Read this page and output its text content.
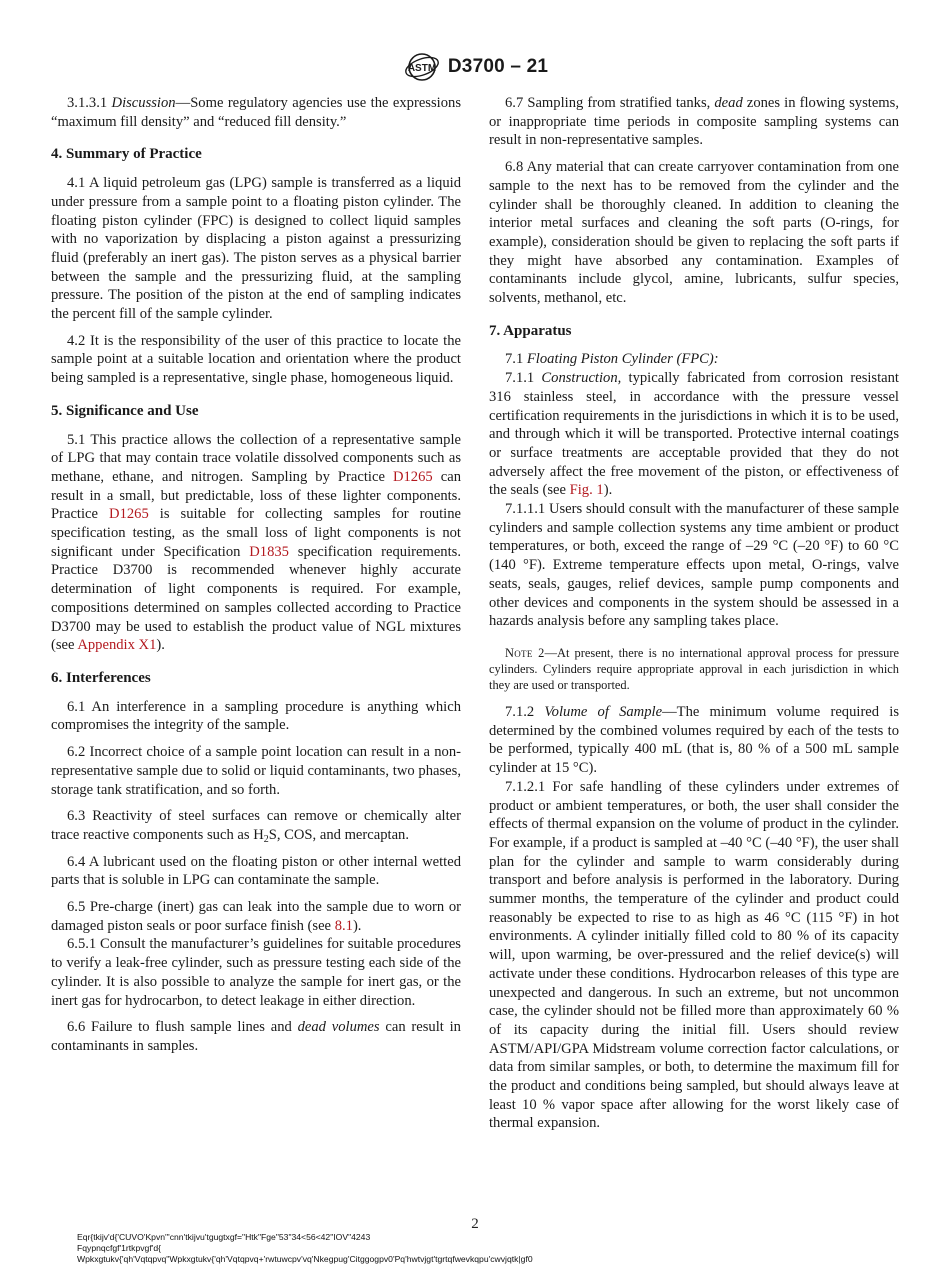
ASTM D3700 – 21

3.1.3.1 Discussion—Some regulatory agencies use the expressions “maximum fill density” and “reduced fill density.”

4. Summary of Practice

4.1 A liquid petroleum gas (LPG) sample is transferred as a liquid under pressure from a sample point to a floating piston cylinder. The floating piston cylinder (FPC) is designed to collect liquid samples with no vaporization by displacing a piston against a pressurizing fluid (preferably an inert gas). The piston serves as a physical barrier between the sample and the pressurizing fluid, at the sampling pressure. The position of the piston at the end of sampling indicates the percent fill of the sample cylinder.

4.2 It is the responsibility of the user of this practice to locate the sample point at a suitable location and orientation where the product being sampled is a representative, single phase, homogeneous liquid.

5. Significance and Use

5.1 This practice allows the collection of a representative sample of LPG that may contain trace volatile dissolved components such as methane, ethane, and nitrogen. Sampling by Practice D1265 can result in a small, but predictable, loss of these lighter components. Practice D1265 is suitable for collecting samples for routine specification testing, as the small loss of light components is not significant under Specification D1835 specification requirements. Practice D3700 is recommended whenever highly accurate determination of light components is required. For example, compositions determined on samples collected according to Practice D3700 may be used to establish the product value of NGL mixtures (see Appendix X1).

6. Interferences

6.1 An interference in a sampling procedure is anything which compromises the integrity of the sample.

6.2 Incorrect choice of a sample point location can result in a non-representative sample due to solid or liquid contaminants, two phases, storage tank stratification, and so forth.

6.3 Reactivity of steel surfaces can remove or chemically alter trace reactive components such as $H_2S$, COS, and mercaptan.

6.4 A lubricant used on the floating piston or other internal wetted parts that is soluble in LPG can contaminate the sample.

6.5 Pre-charge (inert) gas can leak into the sample due to worn or damaged piston seals or poor surface finish (see 8.1).

6.5.1 Consult the manufacturer’s guidelines for suitable procedures to verify a leak-free cylinder, such as pressure testing each side of the cylinder. It is also possible to analyze the sample for inert gas, or the inert gas for hydrocarbon, to detect leakage in either direction.

6.6 Failure to flush sample lines and dead volumes can result in contaminants in samples.

6.7 Sampling from stratified tanks, dead zones in flowing systems, or inappropriate time periods in composite sampling systems can result in non-representative samples.

6.8 Any material that can create carryover contamination from one sample to the next has to be removed from the cylinder and the cylinder shall be thoroughly cleaned. In addition to cleaning the interior metal surfaces and cleaning the soft parts (O-rings, for example), consideration should be given to replacing the soft parts if they might have absorbed any contamination. Examples of contaminants include glycol, amine, lubricants, sulfur species, solvents, methanol, etc.

7. Apparatus

7.1 Floating Piston Cylinder (FPC):

7.1.1 Construction, typically fabricated from corrosion resistant 316 stainless steel, in accordance with the pressure vessel certification requirements in the jurisdictions in which it is to be used, and through which it will be transported. Protective internal coatings or surface treatments are acceptable provided that they do not adversely affect the free movement of the piston, or effectiveness of the seals (see Fig. 1).

7.1.1.1 Users should consult with the manufacturer of these sample cylinders and sample collection systems any time ambient or product temperatures, or both, exceed the range of –29 °C (–20 °F) to 60 °C (140 °F). Extreme temperature effects upon metal, O-rings, valve seats, seals, gauges, relief devices, sample pump components and other devices and components in the system should be assessed in a hazards analysis before any sampling takes place.

Note 2—At present, there is no international approval process for pressure cylinders. Cylinders require appropriate approval in each jurisdiction in which they are used or transported.

7.1.2 Volume of Sample—The minimum volume required is determined by the combined volumes required by each of the tests to be performed, typically 400 mL (that is, 80 % of a 500 mL sample cylinder at 15 °C).

7.1.2.1 For safe handling of these cylinders under extremes of product or ambient temperatures, or both, the user shall consider the effects of thermal expansion on the volume of product in the cylinder. For example, if a product is sampled at –40 °C (–40 °F), the user shall plan for the cylinder and sample to warm considerably during transport and before analysis is performed in the laboratory. During summer months, the temperature of the cylinder and product could reasonably be expected to rise to as high as 46 °C (115 °F) in hot environments. A cylinder initially filled cold to 80 % of its capacity will, upon warming, be over-pressured and the relief device(s) will activate under these conditions. Hydrocarbon releases of this type are unexpected and dangerous. In such an extreme, but not uncommon case, the cylinder should not be filled more than approximately 60 % of its capacity during the initial fill. Users should review ASTM/API/GPA Midstream volume correction factor calculations, or data from similar samples, or both, to determine the maximum fill for the product and conditions being sampled, but should always leave at least 10 % vapor space after allowing for the worst likely case of thermal expansion.

2
Eqr{tkijv'd{'CUVO'Kpvn'"cnn'tkijvu'tgugtxgf="Htk"Fge"53"34<56<42"IOV"4243
Fqypnqcfgf'1rtkpvgf'd{
Wpkxgtukv{'qh'Vqtqpvq"Wpkxgtukv{'qh'Vqtqpvq+'rwtuwcpv'vq'Nkegpug'Citggogpv0'Pq'hwtvjgt'tgrtqfwevkqpu'cwvjqtk|gf0
